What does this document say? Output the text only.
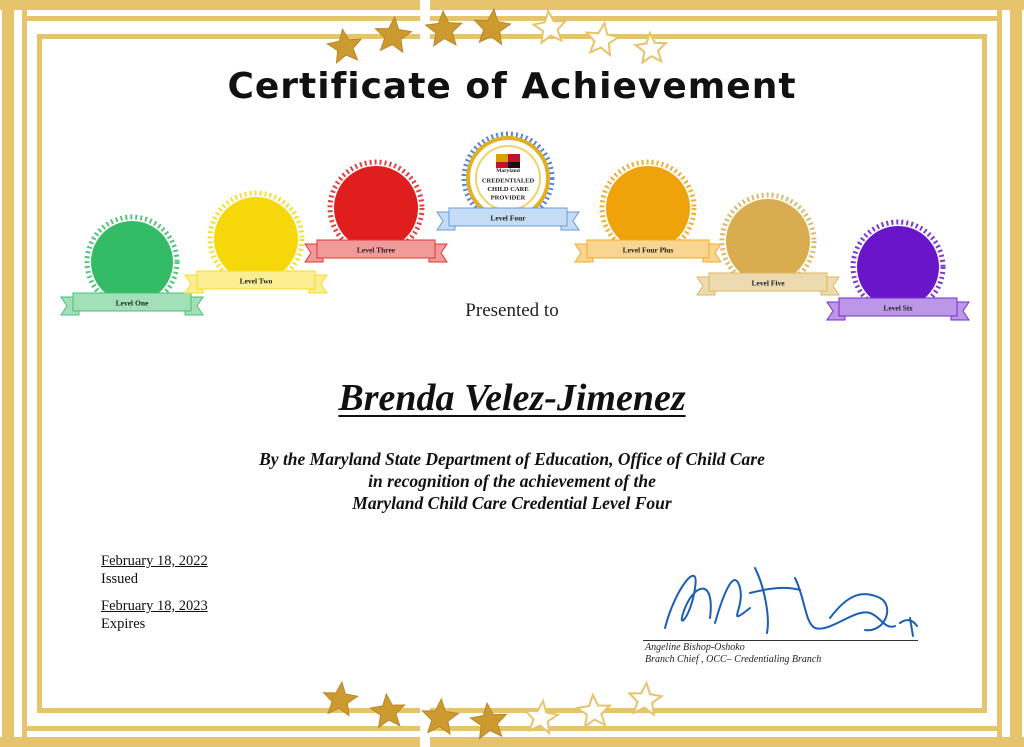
Level One
Level Two
Level Three
Maryland
CREDENTIALED
CHILD CARE
PROVIDER
Level Four
Level Four Plus
Level Five
Level Six
Certificate of Achievement
Presented to
Brenda Velez-Jimenez
By the Maryland State Department of Education, Office of Child Care
in recognition of the achievement of the
Maryland Child Care Credential Level Four
February 18, 2022
Issued
February 18, 2023
Expires
Angeline Bishop-Oshoko
Branch Chief , OCC– Credentialing Branch
